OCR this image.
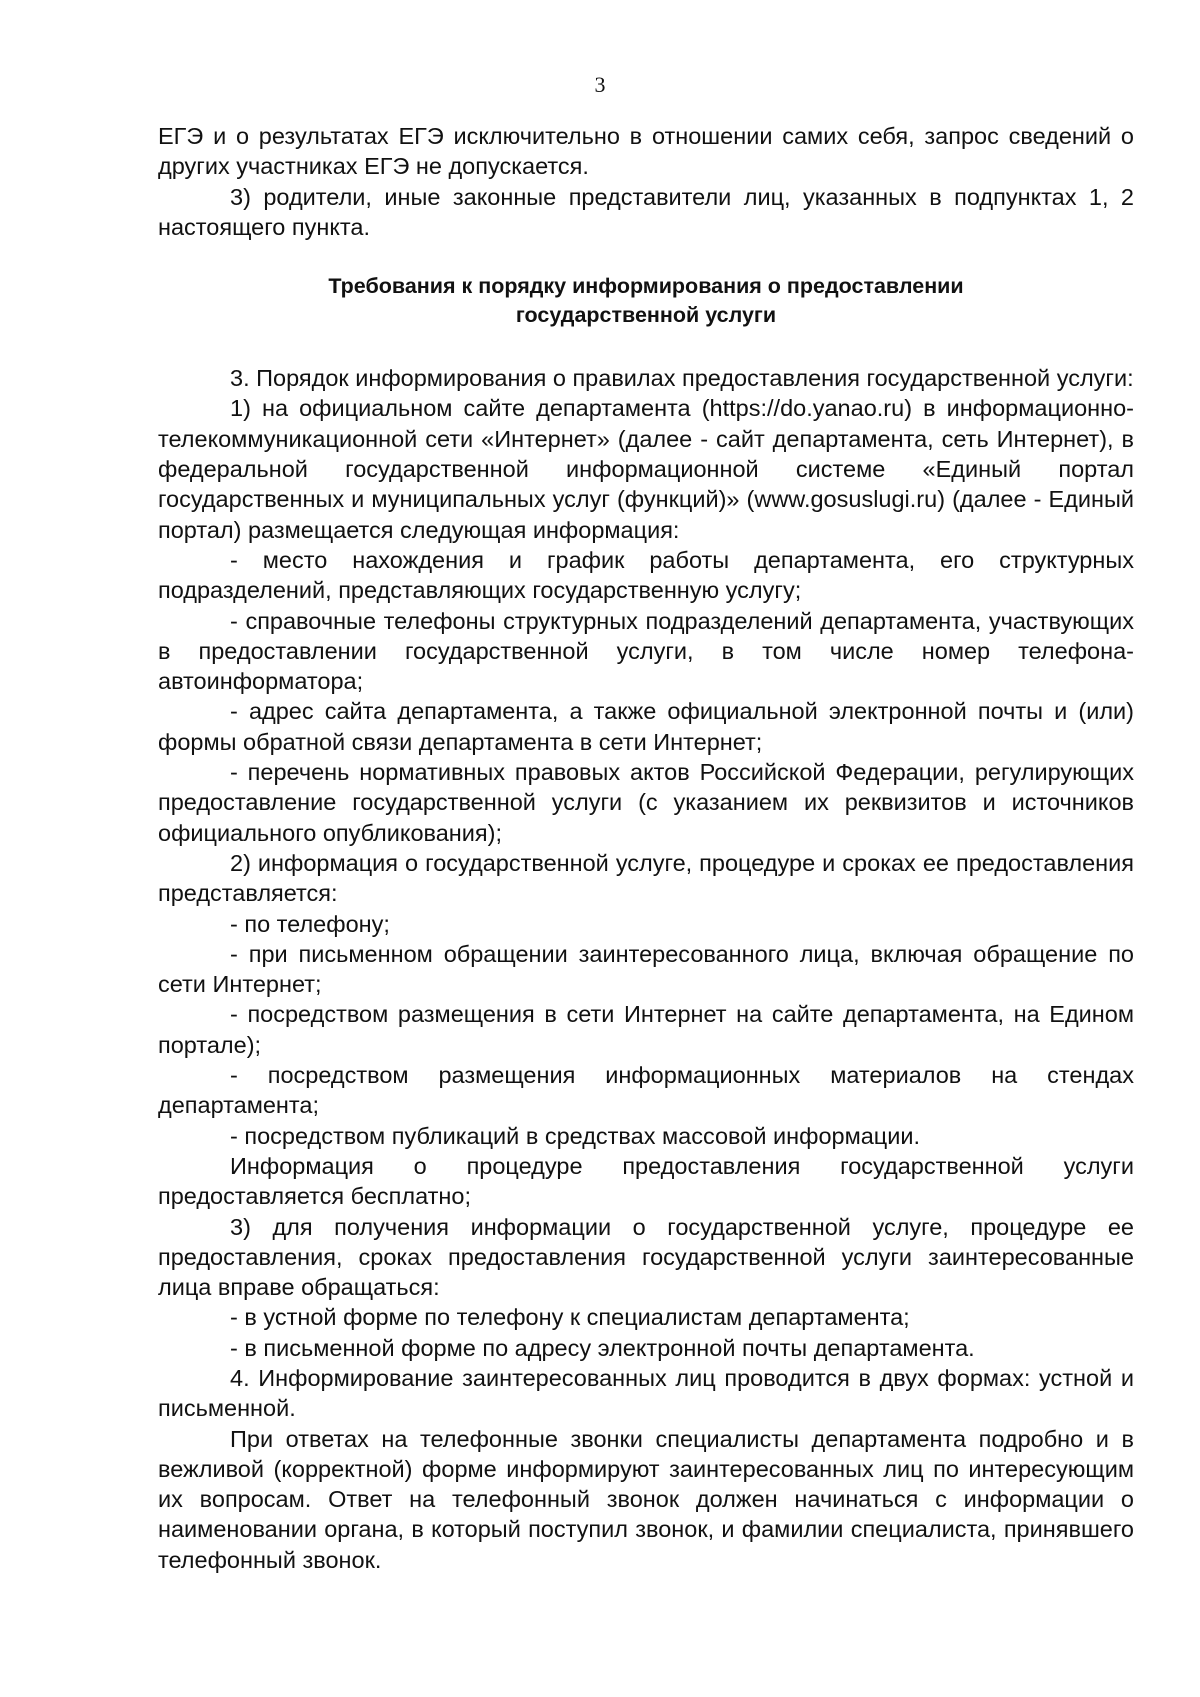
3

ЕГЭ и о результатах ЕГЭ исключительно в отношении самих себя, запрос сведений о других участниках ЕГЭ не допускается.

3) родители, иные законные представители лиц, указанных в подпунктах 1, 2 настоящего пункта.

Требования к порядку информирования о предоставлении
государственной услуги

3. Порядок информирования о правилах предоставления государственной услуги:

1) на официальном сайте департамента (https://do.yanao.ru) в информационно-телекоммуникационной сети «Интернет» (далее - сайт департамента, сеть Интернет), в федеральной государственной информационной системе «Единый портал государственных и муниципальных услуг (функций)» (www.gosuslugi.ru) (далее - Единый портал) размещается следующая информация:

- место нахождения и график работы департамента, его структурных подразделений, представляющих государственную услугу;

- справочные телефоны структурных подразделений департамента, участвующих в предоставлении государственной услуги, в том числе номер телефона-автоинформатора;

- адрес сайта департамента, а также официальной электронной почты и (или) формы обратной связи департамента в сети Интернет;

- перечень нормативных правовых актов Российской Федерации, регулирующих предоставление государственной услуги (с указанием их реквизитов и источников официального опубликования);

2) информация о государственной услуге, процедуре и сроках ее предоставления представляется:

- по телефону;

- при письменном обращении заинтересованного лица, включая обращение по сети Интернет;

- посредством размещения в сети Интернет на сайте департамента, на Едином портале);

- посредством размещения информационных материалов на стендах департамента;

- посредством публикаций в средствах массовой информации.

Информация о процедуре предоставления государственной услуги предоставляется бесплатно;

3) для получения информации о государственной услуге, процедуре ее предоставления, сроках предоставления государственной услуги заинтересованные лица вправе обращаться:

- в устной форме по телефону к специалистам департамента;

- в письменной форме по адресу электронной почты департамента.

4. Информирование заинтересованных лиц проводится в двух формах: устной и письменной.

При ответах на телефонные звонки специалисты департамента подробно и в вежливой (корректной) форме информируют заинтересованных лиц по интересующим их вопросам. Ответ на телефонный звонок должен начинаться с информации о наименовании органа, в который поступил звонок, и фамилии специалиста, принявшего телефонный звонок.
